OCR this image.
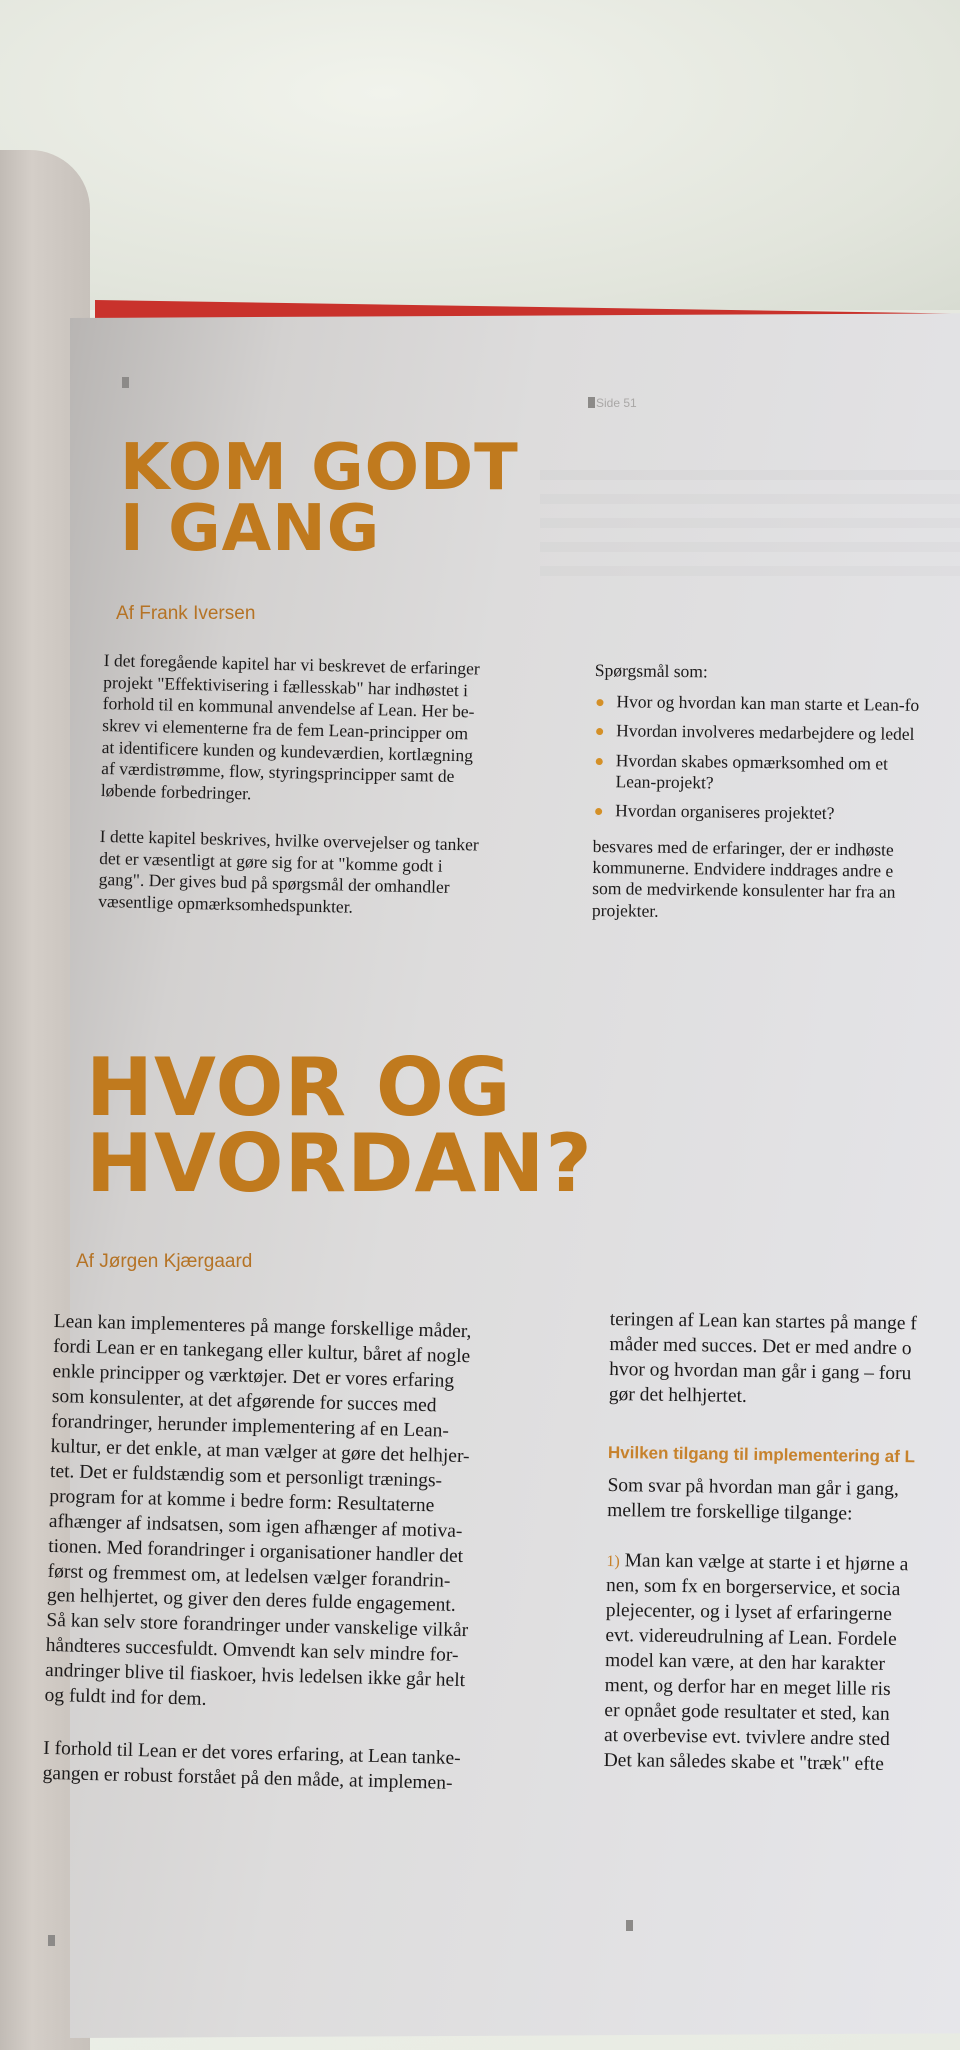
Side 51
KOM GODT
I GANG
Af Frank Iversen

I det foregående kapitel har vi beskrevet de erfaringer
projekt "Effektivisering i fællesskab" har indhøstet i
forhold til en kommunal anvendelse af Lean. Her be-
skrev vi elementerne fra de fem Lean-principper om
at identificere kunden og kundeværdien, kortlægning
af værdistrømme, flow, styringsprincipper samt de
løbende forbedringer.

I dette kapitel beskrives, hvilke overvejelser og tanker
det er væsentligt at gøre sig for at "komme godt i
gang". Der gives bud på spørgsmål der omhandler
væsentlige opmærksomhedspunkter.

Spørgsmål som:

Hvor og hvordan kan man starte et Lean-fo
Hvordan involveres medarbejdere og ledel
Hvordan skabes opmærksomhed om et
Lean-projekt?
Hvordan organiseres projektet?

besvares med de erfaringer, der er indhøste
kommunerne. Endvidere inddrages andre e
som de medvirkende konsulenter har fra an
projekter.

HVOR OG
HVORDAN?
Af Jørgen Kjærgaard

Lean kan implementeres på mange forskellige måder,
fordi Lean er en tankegang eller kultur, båret af nogle
enkle principper og værktøjer. Det er vores erfaring
som konsulenter, at det afgørende for succes med
forandringer, herunder implementering af en Lean-
kultur, er det enkle, at man vælger at gøre det helhjer-
tet. Det er fuldstændig som et personligt trænings-
program for at komme i bedre form: Resultaterne
afhænger af indsatsen, som igen afhænger af motiva-
tionen. Med forandringer i organisationer handler det
først og fremmest om, at ledelsen vælger forandrin-
gen helhjertet, og giver den deres fulde engagement.
Så kan selv store forandringer under vanskelige vilkår
håndteres succesfuldt. Omvendt kan selv mindre for-
andringer blive til fiaskoer, hvis ledelsen ikke går helt
og fuldt ind for dem.

I forhold til Lean er det vores erfaring, at Lean tanke-
gangen er robust forstået på den måde, at implemen-

teringen af Lean kan startes på mange f
måder med succes. Det er med andre o
hvor og hvordan man går i gang – foru
gør det helhjertet.

Hvilken tilgang til implementering af L

Som svar på hvordan man går i gang,
mellem tre forskellige tilgange:

1) Man kan vælge at starte i et hjørne a
nen, som fx en borgerservice, et socia
plejecenter, og i lyset af erfaringerne
evt. videreudrulning af Lean. Fordele
model kan være, at den har karakter
ment, og derfor har en meget lille ris
er opnået gode resultater et sted, kan
at overbevise evt. tvivlere andre sted
Det kan således skabe et "træk" efte
